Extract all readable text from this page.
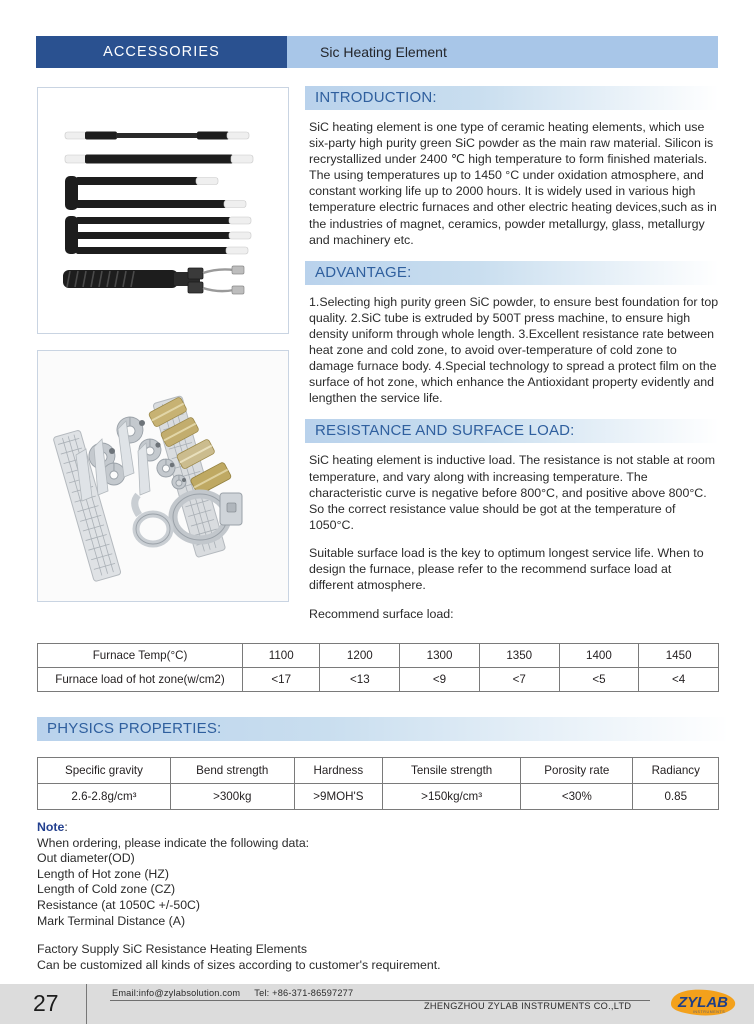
ACCESSORIES	Sic Heating Element
INTRODUCTION:

SiC heating element is one type of ceramic heating elements, which use six-party high purity green SiC powder as the main raw material. Silicon is recrystallized under 2400 ℃ high temperature to form finished materials. The using temperatures up to 1450 °C under oxidation atmosphere, and constant working life up to 2000 hours. It is widely used in various high temperature electric furnaces and other electric heating devices,such as in the industries of magnet, ceramics, powder metallurgy, glass, metallurgy and machinery etc.

ADVANTAGE:

1.Selecting high purity green SiC powder, to ensure best foundation for top quality. 2.SiC tube is extruded by 500T press machine, to ensure high density uniform through whole length. 3.Excellent resistance rate between heat zone and cold zone, to avoid over-temperature of cold zone to damage furnace body. 4.Special technology to spread a protect film on the surface of hot zone, which enhance the Antioxidant property evidently and lengthen the service life.

RESISTANCE AND SURFACE LOAD:

SiC heating element is inductive load. The resistance is not stable at room temperature, and vary along with increasing temperature. The characteristic curve is negative before 800°C, and positive above 800°C. So the correct resistance value should be got at the temperature of 1050°C.

Suitable surface load is the key to optimum longest service life. When to design the furnace, please refer to the recommend surface load at different atmosphere.

Recommend surface load:
Furnace Temp(°C)	1100	1200	1300	1350	1400	1450
Furnace load of hot zone(w/cm2)	<17	<13	<9	<7	<5	<4
PHYSICS PROPERTIES:
Specific gravity	Bend strength	Hardness	Tensile strength	Porosity rate	Radiancy
2.6-2.8g/cm³	>300kg	>9MOH'S	>150kg/cm³	<30%	0.85
Note:
When ordering, please indicate the following data:
Out diameter(OD)
Length of Hot zone (HZ)
Length of Cold zone (CZ)
Resistance (at 1050C +/-50C)
Mark Terminal Distance (A)
Factory Supply SiC Resistance Heating Elements
Can be customized all kinds of sizes according to customer's requirement.
27	Email:info@zylabsolution.com Tel: +86-371-86597277
ZHENGZHOU ZYLAB INSTRUMENTS CO.,LTD	ZYLAB
INSTRUMENTS
